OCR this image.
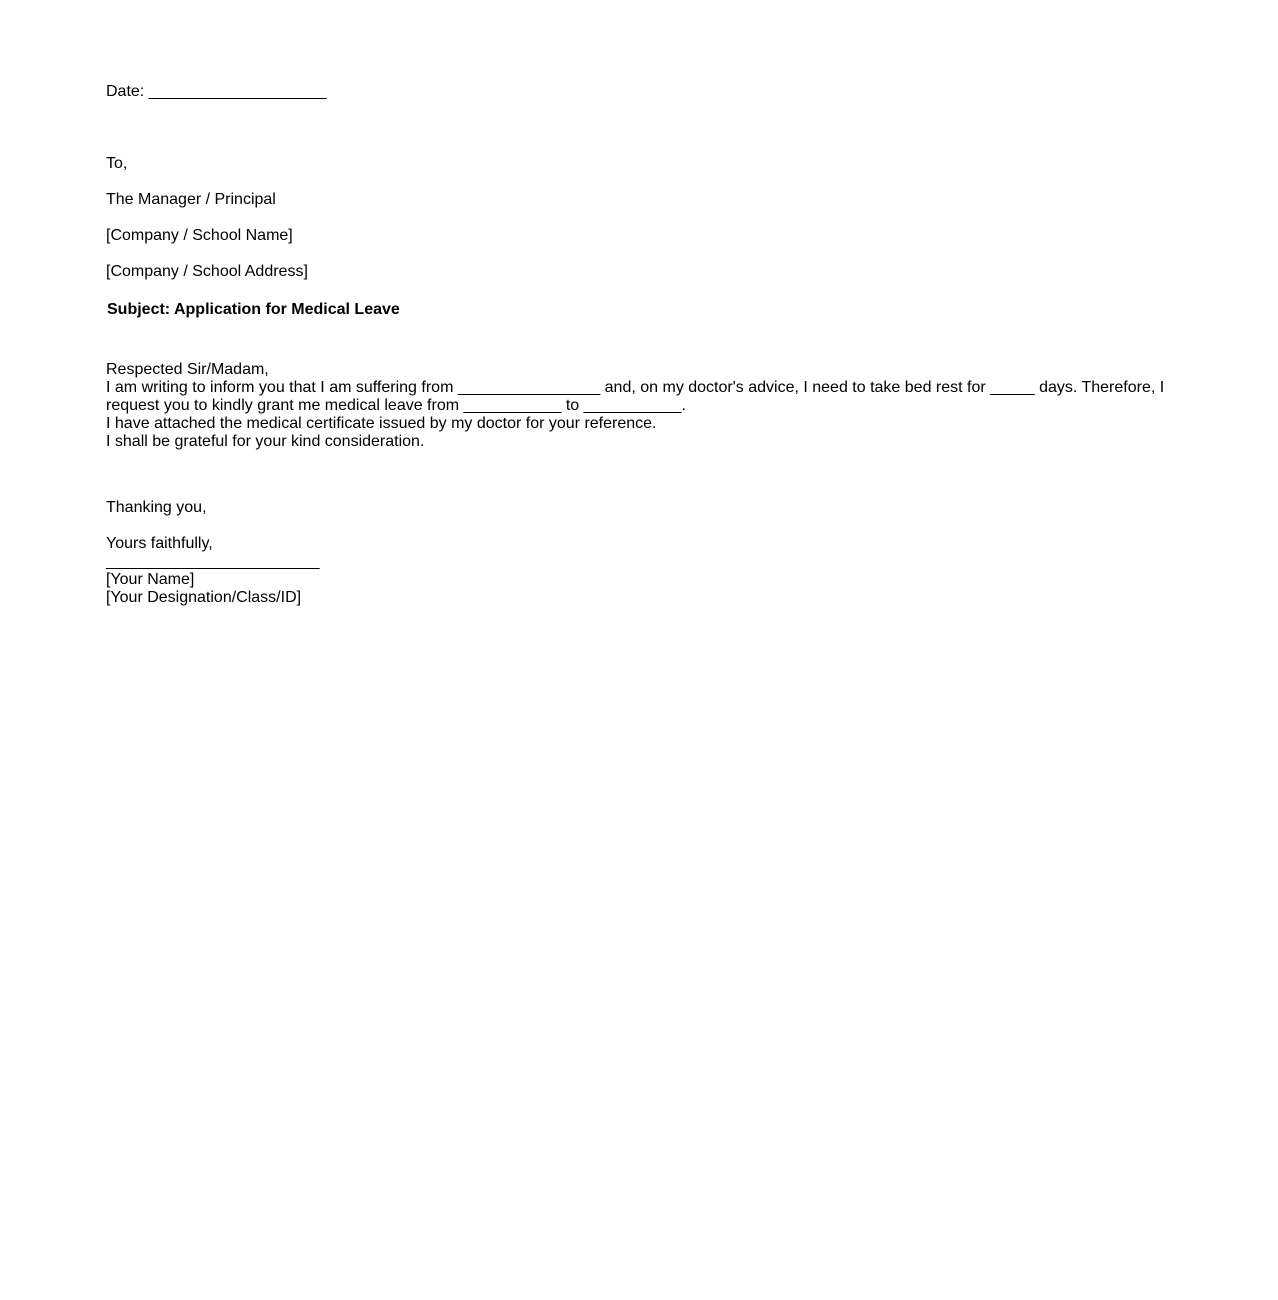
Date: ____________________

To,

The Manager / Principal

[Company / School Name]

[Company / School Address]

Subject: Application for Medical Leave

Respected Sir/Madam,

I am writing to inform you that I am suffering from ________________ and, on my doctor's advice, I need to take bed rest for _____ days. Therefore, I request you to kindly grant me medical leave from ___________ to ___________.

I have attached the medical certificate issued by my doctor for your reference.

I shall be grateful for your kind consideration.

Thanking you,

Yours faithfully,

________________________

[Your Name]

[Your Designation/Class/ID]
